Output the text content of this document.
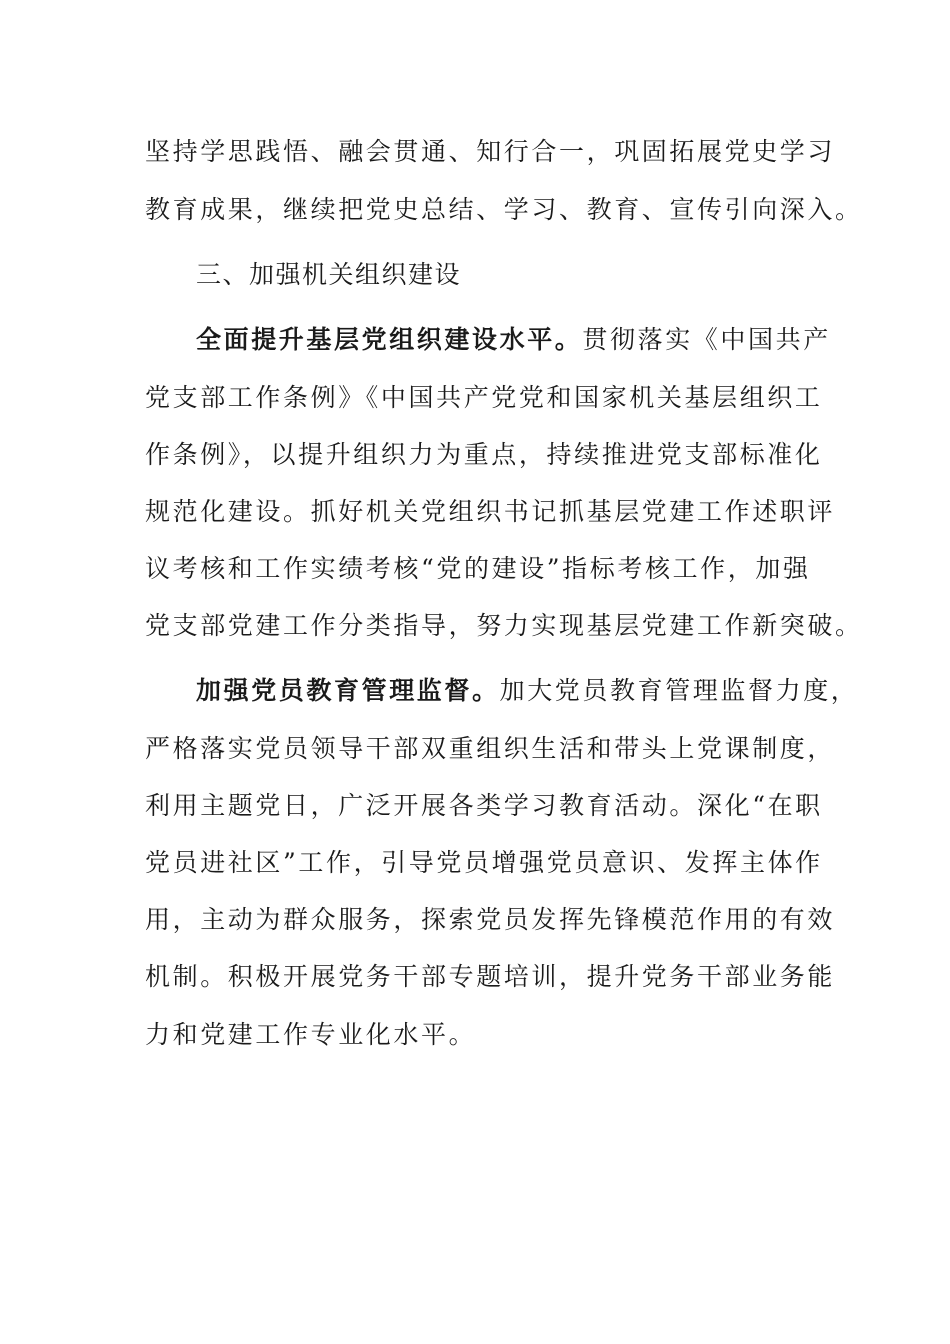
坚持学思践悟、融会贯通、知行合一，巩固拓展党史学习
教育成果，继续把党史总结、学习、教育、宣传引向深入。
三、加强机关组织建设
全面提升基层党组织建设水平。贯彻落实《中国共产
党支部工作条例》《中国共产党党和国家机关基层组织工
作条例》，以提升组织力为重点，持续推进党支部标准化
规范化建设。抓好机关党组织书记抓基层党建工作述职评
议考核和工作实绩考核“党的建设”指标考核工作，加强
党支部党建工作分类指导，努力实现基层党建工作新突破。
加强党员教育管理监督。加大党员教育管理监督力度，
严格落实党员领导干部双重组织生活和带头上党课制度，
利用主题党日，广泛开展各类学习教育活动。深化“在职
党员进社区”工作，引导党员增强党员意识、发挥主体作
用，主动为群众服务，探索党员发挥先锋模范作用的有效
机制。积极开展党务干部专题培训，提升党务干部业务能
力和党建工作专业化水平。
